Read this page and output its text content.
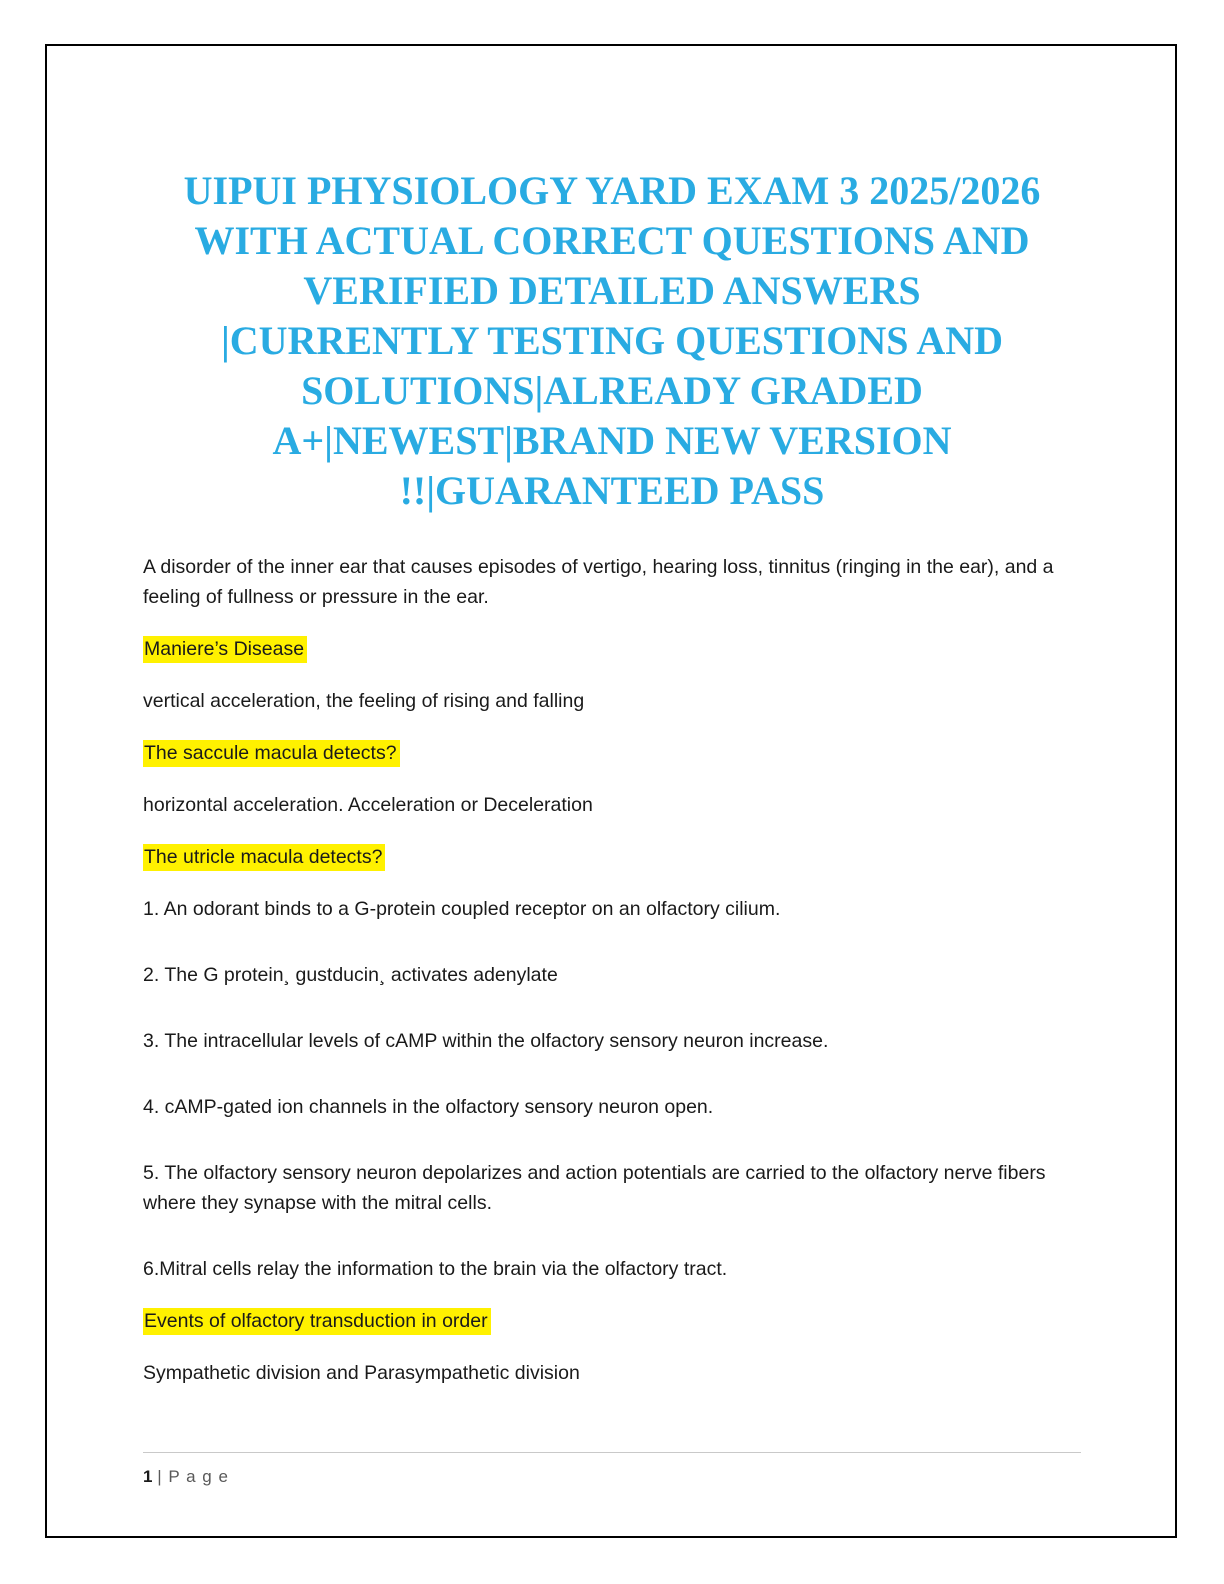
UIPUI PHYSIOLOGY YARD EXAM 3 2025/2026
WITH ACTUAL CORRECT QUESTIONS AND
VERIFIED DETAILED ANSWERS
|CURRENTLY TESTING QUESTIONS AND
SOLUTIONS|ALREADY GRADED
A+|NEWEST|BRAND NEW VERSION
!!|GUARANTEED PASS

A disorder of the inner ear that causes episodes of vertigo, hearing loss, tinnitus (ringing in the ear), and a feeling of fullness or pressure in the ear.

Maniere’s Disease

vertical acceleration, the feeling of rising and falling

The saccule macula detects?

horizontal acceleration. Acceleration or Deceleration

The utricle macula detects?

1. An odorant binds to a G-protein coupled receptor on an olfactory cilium.

2. The G protein¸ gustducin¸ activates adenylate

3. The intracellular levels of cAMP within the olfactory sensory neuron increase.

4. cAMP-gated ion channels in the olfactory sensory neuron open.

5. The olfactory sensory neuron depolarizes and action potentials are carried to the olfactory nerve fibers where they synapse with the mitral cells.

6.Mitral cells relay the information to the brain via the olfactory tract.

Events of olfactory transduction in order

Sympathetic division and Parasympathetic division

1 | P a g e
